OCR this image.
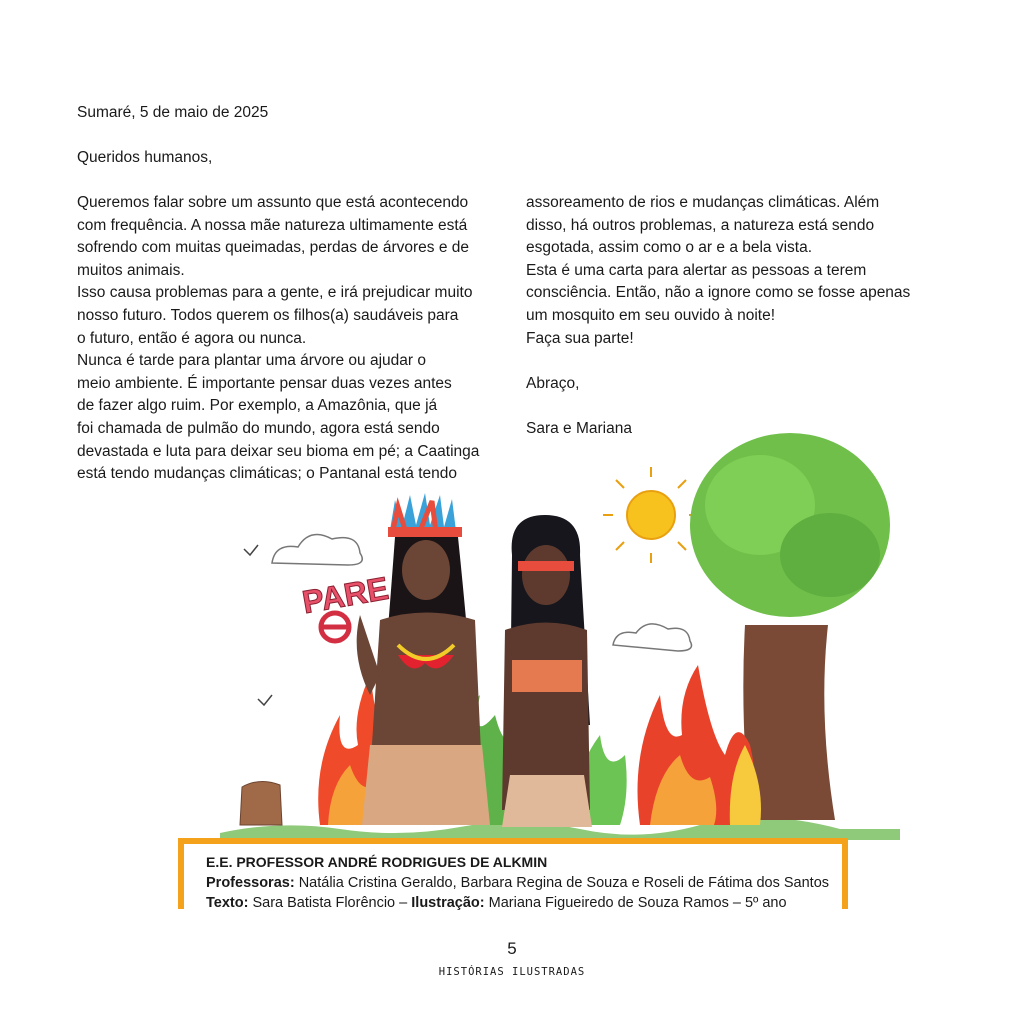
Sumaré, 5 de maio de 2025
Queridos humanos,
Queremos falar sobre um assunto que está acontecendo
com frequência. A nossa mãe natureza ultimamente está
sofrendo com muitas queimadas, perdas de árvores e de
muitos animais.
Isso causa problemas para a gente, e irá prejudicar muito
nosso futuro. Todos querem os filhos(a) saudáveis para
o futuro, então é agora ou nunca.
Nunca é tarde para plantar uma árvore ou ajudar o
meio ambiente. É importante pensar duas vezes antes
de fazer algo ruim. Por exemplo, a Amazônia, que já
foi chamada de pulmão do mundo, agora está sendo
devastada e luta para deixar seu bioma em pé; a Caatinga
está tendo mudanças climáticas; o Pantanal está tendo
assoreamento de rios e mudanças climáticas. Além
disso, há outros problemas, a natureza está sendo
esgotada, assim como o ar e a bela vista.
Esta é uma carta para alertar as pessoas a terem
consciência. Então, não a ignore como se fosse apenas
um mosquito em seu ouvido à noite!
Faça sua parte!
Abraço,
Sara e Mariana
PARE
E.E. PROFESSOR ANDRÉ RODRIGUES DE ALKMIN
Professoras: Natália Cristina Geraldo, Barbara Regina de Souza e Roseli de Fátima dos Santos
Texto: Sara Batista Florêncio – Ilustração: Mariana Figueiredo de Souza Ramos – 5º ano
5
HISTÓRIAS ILUSTRADAS
